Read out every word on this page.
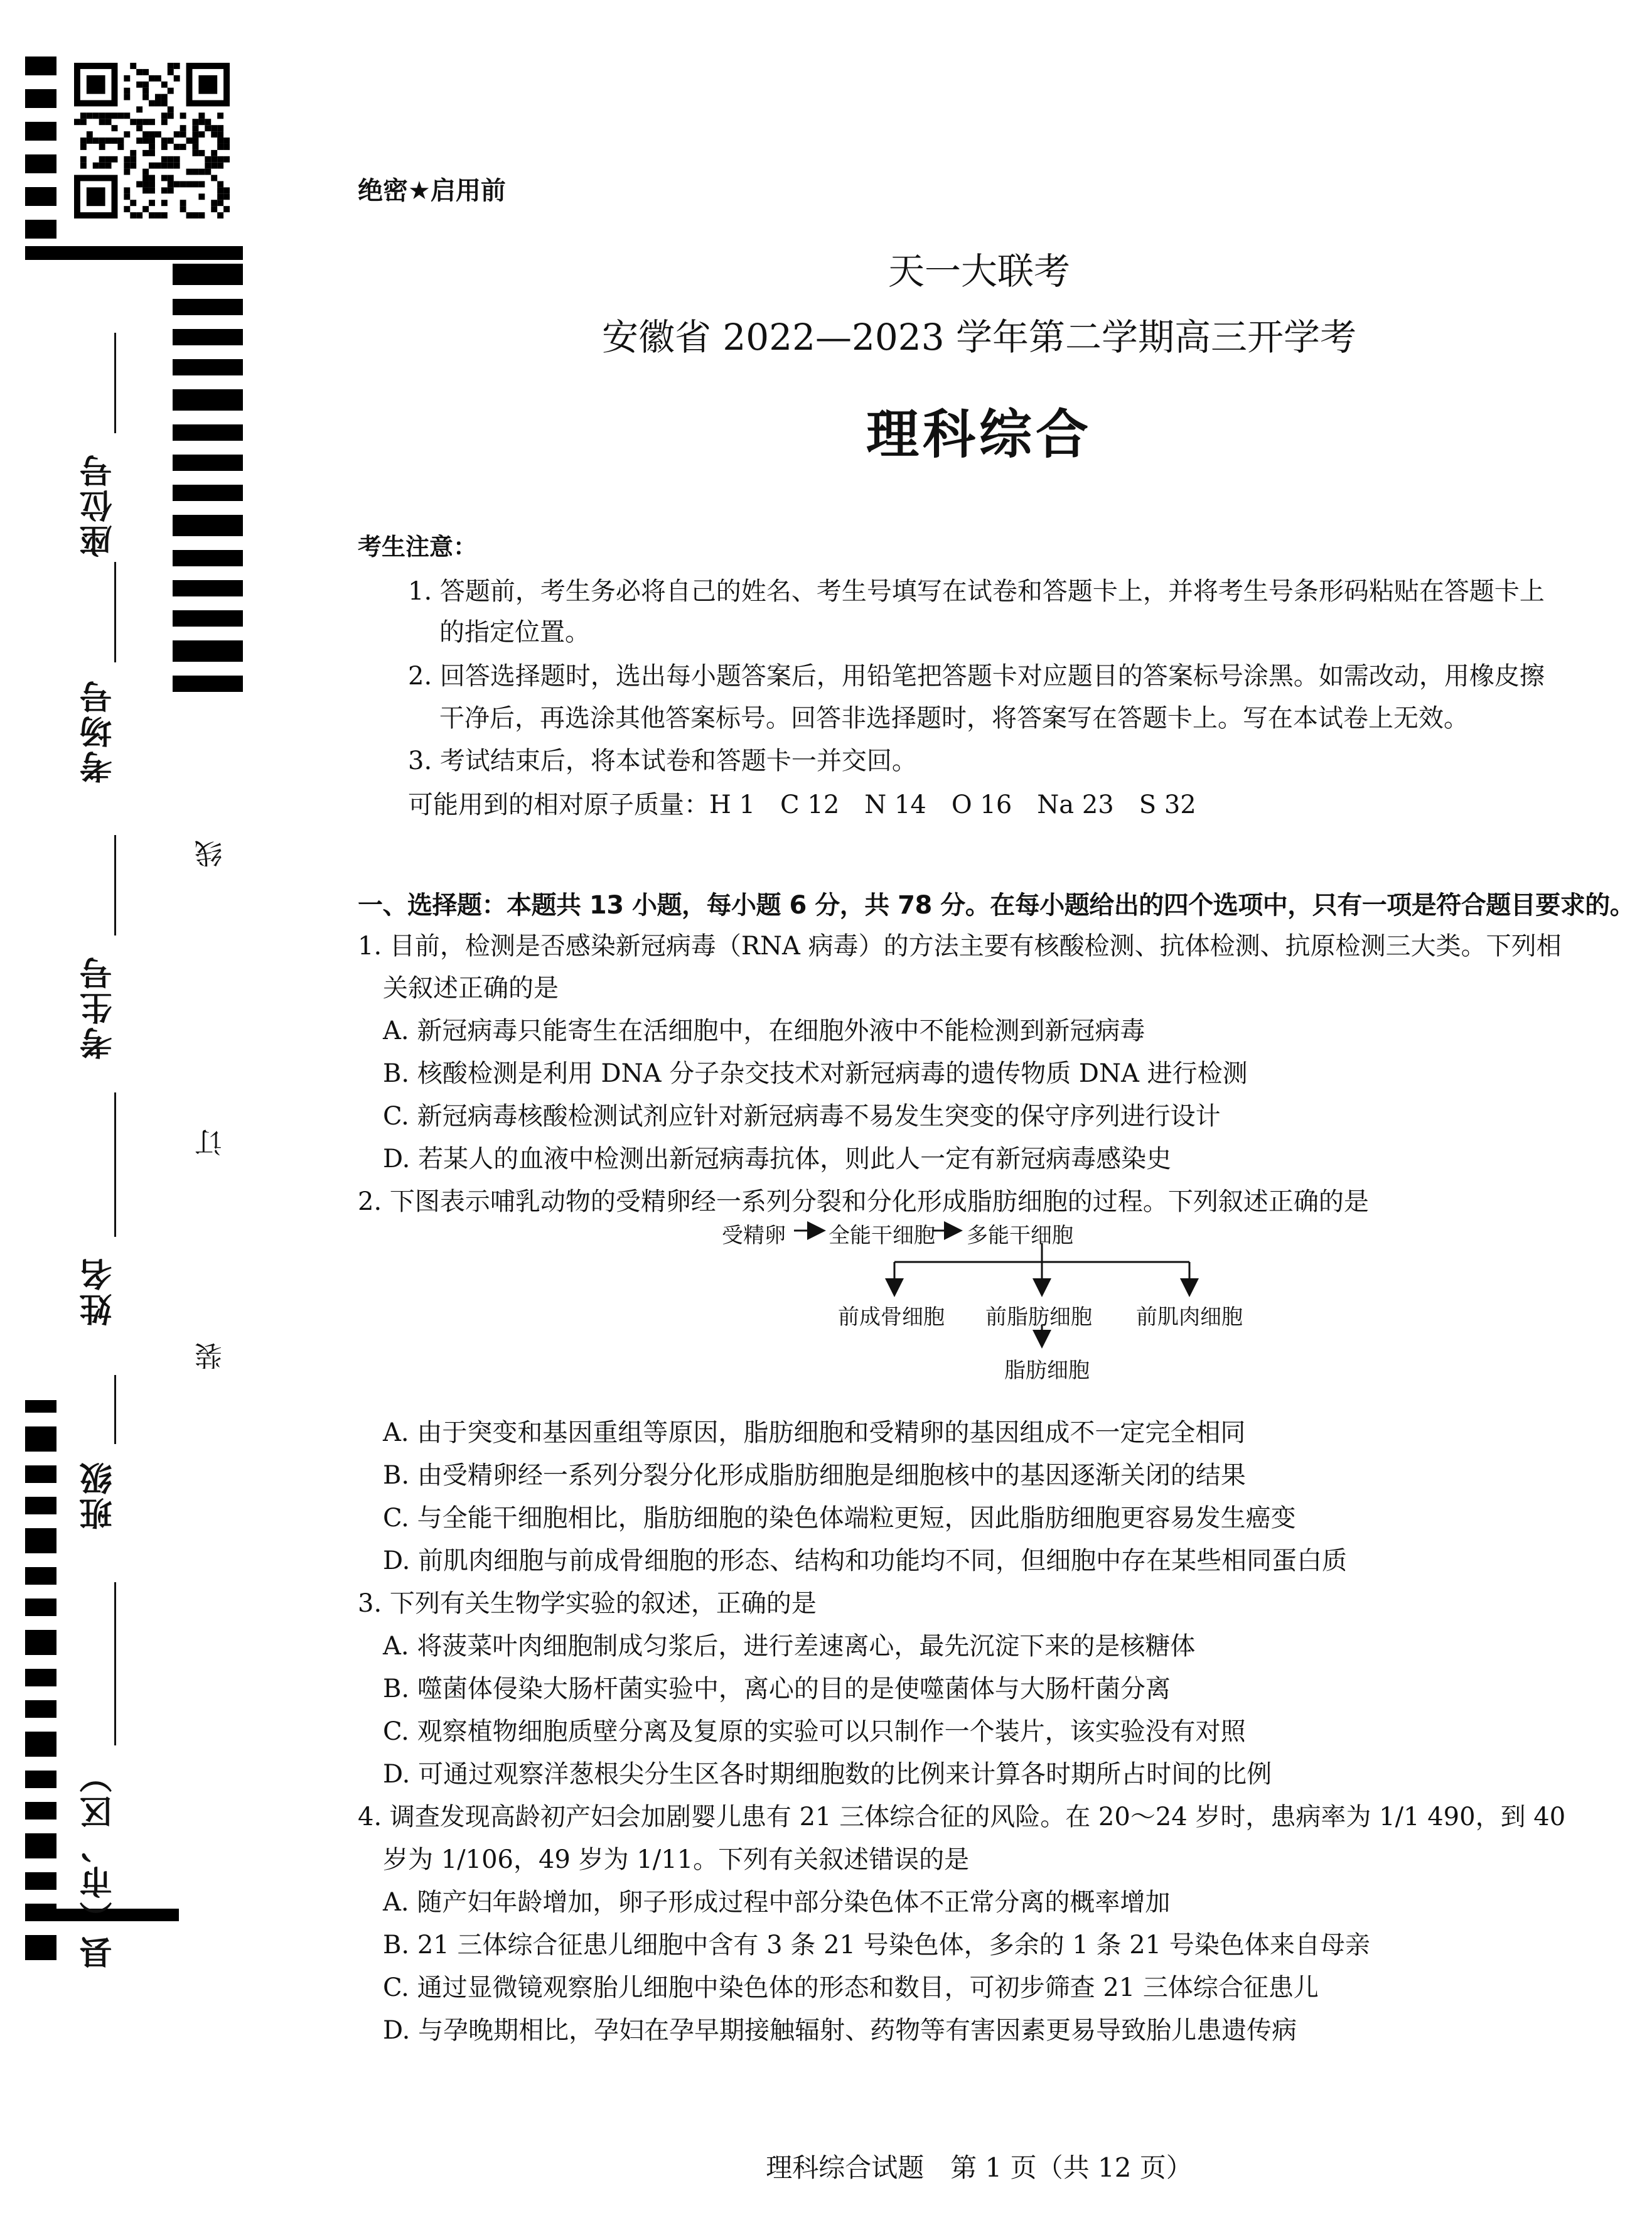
座位号
考场号
考生号
姓名
班级
县（市、区）
线
订
装
绝密★启用前
天一大联考
安徽省 2022—2023 学年第二学期高三开学考
理科综合
考生注意：
1. 答题前，考生务必将自己的姓名、考生号填写在试卷和答题卡上，并将考生号条形码粘贴在答题卡上
的指定位置。
2. 回答选择题时，选出每小题答案后，用铅笔把答题卡对应题目的答案标号涂黑。如需改动，用橡皮擦
干净后，再选涂其他答案标号。回答非选择题时，将答案写在答题卡上。写在本试卷上无效。
3. 考试结束后，将本试卷和答题卡一并交回。
可能用到的相对原子质量：H 1　C 12　N 14　O 16　Na 23　S 32
一、选择题：本题共 13 小题，每小题 6 分，共 78 分。在每小题给出的四个选项中，只有一项是符合题目要求的。
1. 目前，检测是否感染新冠病毒（RNA 病毒）的方法主要有核酸检测、抗体检测、抗原检测三大类。下列相
关叙述正确的是
A. 新冠病毒只能寄生在活细胞中，在细胞外液中不能检测到新冠病毒
B. 核酸检测是利用 DNA 分子杂交技术对新冠病毒的遗传物质 DNA 进行检测
C. 新冠病毒核酸检测试剂应针对新冠病毒不易发生突变的保守序列进行设计
D. 若某人的血液中检测出新冠病毒抗体，则此人一定有新冠病毒感染史
2. 下图表示哺乳动物的受精卵经一系列分裂和分化形成脂肪细胞的过程。下列叙述正确的是
受精卵 全能干细胞 多能干细胞
前成骨细胞 前脂肪细胞 前肌肉细胞
脂肪细胞
A. 由于突变和基因重组等原因，脂肪细胞和受精卵的基因组成不一定完全相同
B. 由受精卵经一系列分裂分化形成脂肪细胞是细胞核中的基因逐渐关闭的结果
C. 与全能干细胞相比，脂肪细胞的染色体端粒更短，因此脂肪细胞更容易发生癌变
D. 前肌肉细胞与前成骨细胞的形态、结构和功能均不同，但细胞中存在某些相同蛋白质
3. 下列有关生物学实验的叙述，正确的是
A. 将菠菜叶肉细胞制成匀浆后，进行差速离心，最先沉淀下来的是核糖体
B. 噬菌体侵染大肠杆菌实验中，离心的目的是使噬菌体与大肠杆菌分离
C. 观察植物细胞质壁分离及复原的实验可以只制作一个装片，该实验没有对照
D. 可通过观察洋葱根尖分生区各时期细胞数的比例来计算各时期所占时间的比例
4. 调查发现高龄初产妇会加剧婴儿患有 21 三体综合征的风险。在 20～24 岁时，患病率为 1/1 490，到 40
岁为 1/106，49 岁为 1/11。下列有关叙述错误的是
A. 随产妇年龄增加，卵子形成过程中部分染色体不正常分离的概率增加
B. 21 三体综合征患儿细胞中含有 3 条 21 号染色体，多余的 1 条 21 号染色体来自母亲
C. 通过显微镜观察胎儿细胞中染色体的形态和数目，可初步筛查 21 三体综合征患儿
D. 与孕晚期相比，孕妇在孕早期接触辐射、药物等有害因素更易导致胎儿患遗传病
理科综合试题　第 1 页（共 12 页）
